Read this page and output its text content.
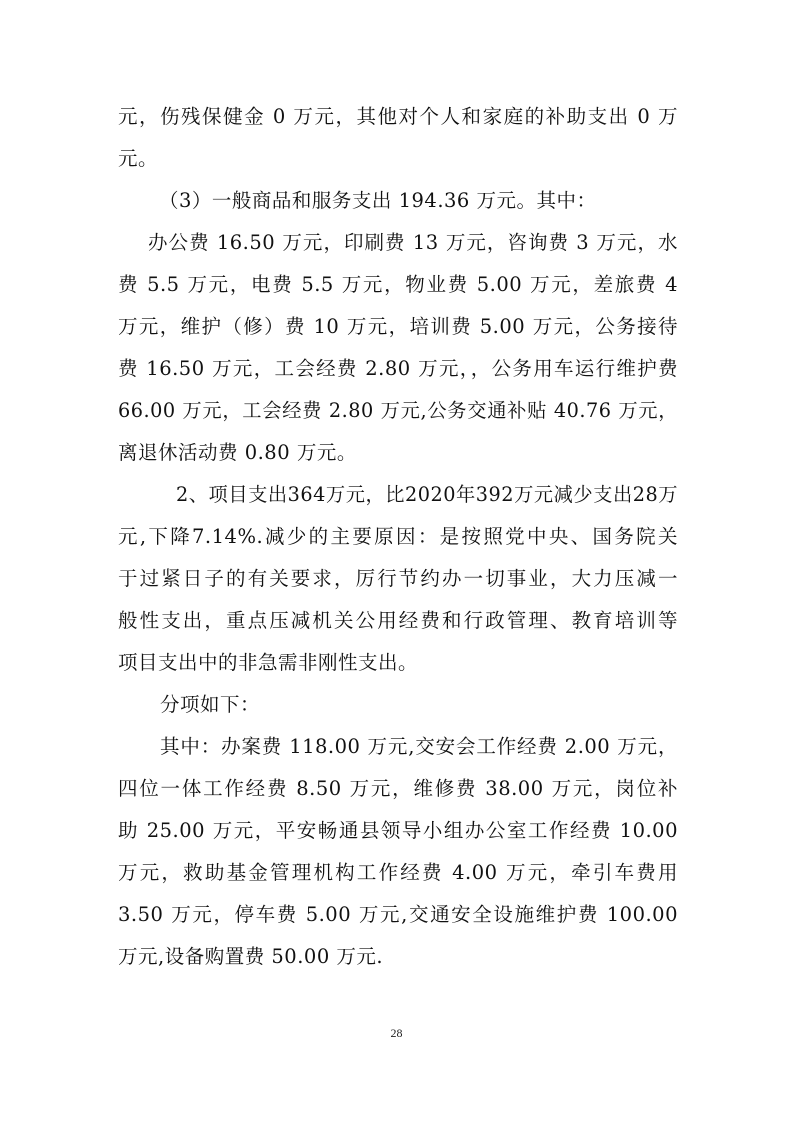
元，伤残保健金 0 万元，其他对个人和家庭的补助支出 0 万
元。
（3）一般商品和服务支出 194.36 万元。其中：
办公费 16.50 万元，印刷费 13 万元，咨询费 3 万元，水
费 5.5 万元，电费 5.5 万元，物业费 5.00 万元，差旅费 4
万元，维护（修）费 10 万元，培训费 5.00 万元，公务接待
费 16.50 万元，工会经费 2.80 万元，，公务用车运行维护费
66.00 万元，工会经费 2.80 万元,公务交通补贴 40.76 万元，
离退休活动费 0.80 万元。
2、项目支出364万元，比2020年392万元减少支出28万
元,下降7.14%.减少的主要原因：是按照党中央、国务院关
于过紧日子的有关要求，厉行节约办一切事业，大力压减一
般性支出，重点压减机关公用经费和行政管理、教育培训等
项目支出中的非急需非刚性支出。
分项如下：
其中：办案费 118.00 万元,交安会工作经费 2.00 万元，
四位一体工作经费 8.50 万元，维修费 38.00 万元，岗位补
助 25.00 万元，平安畅通县领导小组办公室工作经费 10.00
万元，救助基金管理机构工作经费 4.00 万元，牵引车费用
3.50 万元，停车费 5.00 万元,交通安全设施维护费 100.00
万元,设备购置费 50.00 万元.
28
